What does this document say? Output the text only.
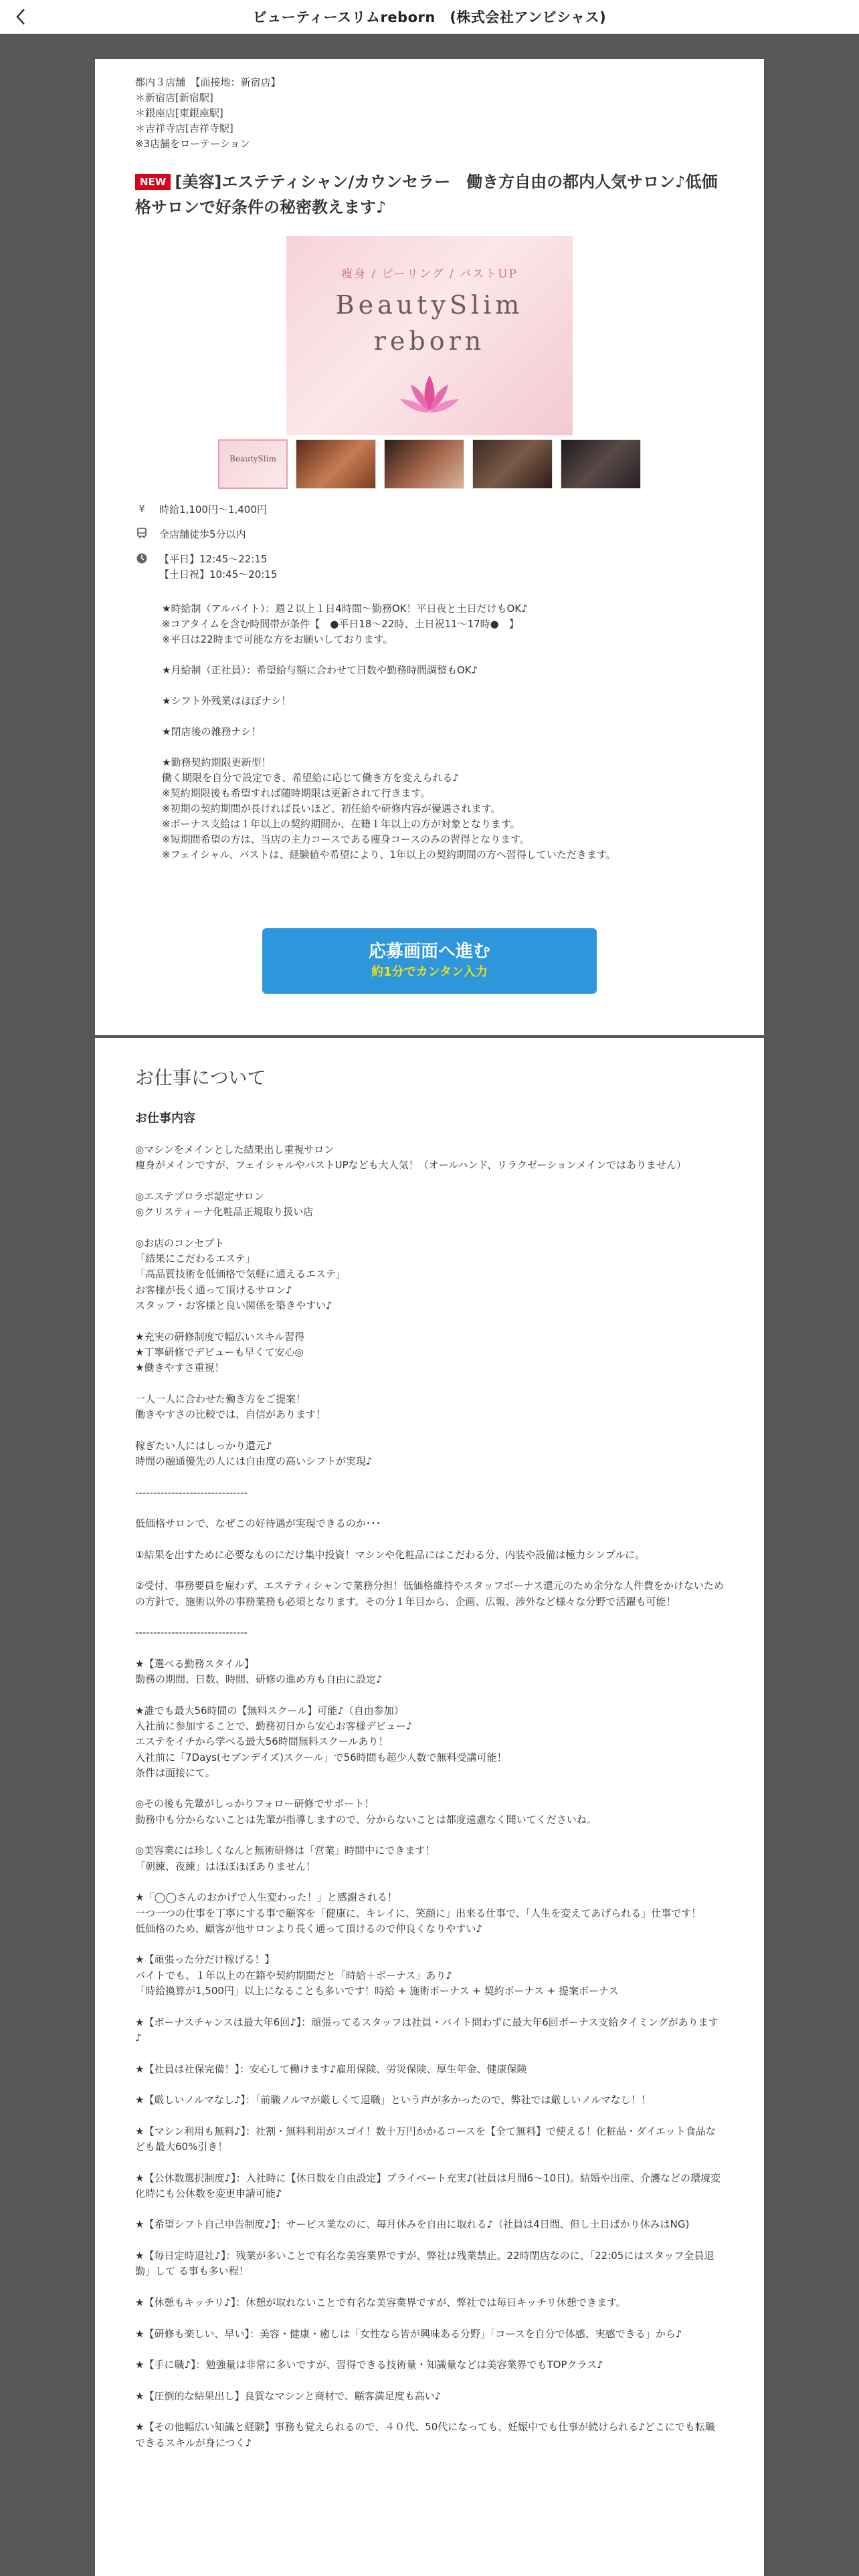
ビューティースリムreborn　(株式会社アンビシャス)
都内３店舗　【面接地：新宿店】
＊新宿店[新宿駅]
＊銀座店[東銀座駅]
＊吉祥寺店[吉祥寺駅]
※3店舗をローテーション
NEW [美容]エステティシャン/カウンセラー　働き方自由の都内人気サロン♪低価格サロンで好条件の秘密教えます♪
痩身 / ピーリング / バストUP
BeautySlim
reborn
BeautySlim
¥	時給1,100円～1,400円
全店舗徒歩5分以内
【平日】12:45～22:15
【土日祝】10:45～20:15
★時給制（アルバイト）：週２以上１日4時間〜勤務OK！平日夜と土日だけもOK♪
※コアタイムを含む時間帯が条件【　●平日18〜22時、土日祝11〜17時●　】
※平日は22時まで可能な方をお願いしております。

★月給制（正社員）：希望給与額に合わせて日数や勤務時間調整もOK♪

★シフト外残業はほぼナシ！

★閉店後の雑務ナシ！

★勤務契約期限更新型！
働く期限を自分で設定でき、希望給に応じて働き方を変えられる♪
※契約期限後も希望すれば随時期限は更新されて行きます。
※初期の契約期間が長ければ長いほど、初任給や研修内容が優遇されます。
※ボーナス支給は１年以上の契約期間か、在籍１年以上の方が対象となります。
※短期間希望の方は、当店の主力コースである痩身コースのみの習得となります。
※フェイシャル、バストは、経験値や希望により、1年以上の契約期間の方へ習得していただきます。
応募画面へ進む
約1分でカンタン入力
お仕事について
お仕事内容
◎マシンをメインとした結果出し重視サロン
痩身がメインですが、フェイシャルやバストUPなども大人気！（オールハンド、リラクゼーションメインではありません）

◎エステプロラボ認定サロン
◎クリスティーナ化粧品正規取り扱い店

◎お店のコンセプト
「結果にこだわるエステ」
「高品質技術を低価格で気軽に通えるエステ」
お客様が長く通って頂けるサロン♪
スタッフ・お客様と良い関係を築きやすい♪

★充実の研修制度で幅広いスキル習得
★丁寧研修でデビューも早くて安心◎
★働きやすさ重視！

一人一人に合わせた働き方をご提案！
働きやすさの比較では、自信があります！

稼ぎたい人にはしっかり還元♪
時間の融通優先の人には自由度の高いシフトが実現♪

-------------------------------

低価格サロンで、なぜこの好待遇が実現できるのか･･･

①結果を出すために必要なものにだけ集中投資！マシンや化粧品にはこだわる分、内装や設備は極力シンプルに。

②受付、事務要員を雇わず、エステティシャンで業務分担！低価格維持やスタッフボーナス還元のため余分な人件費をかけないための方針で、施術以外の事務業務も必須となります。その分１年目から、企画、広報、涉外など様々な分野で活躍も可能！

-------------------------------

★【選べる勤務スタイル】
勤務の期間、日数、時間、研修の進め方も自由に設定♪

★誰でも最大56時間の【無料スクール】可能♪（自由参加）
入社前に参加することで、勤務初日から安心お客様デビュー♪
エステをイチから学べる最大56時間無料スクールあり！
入社前に「7Days(セブンデイズ)スクール」で56時間も超少人数で無料受講可能！
条件は面接にて。

◎その後も先輩がしっかりフォロー研修でサポート！
動務中も分からないことは先輩が指導しますので、分からないことは都度遠慮なく聞いてくださいね。

◎美容業には珍しくなんと無術研修は「営業」時間中にできます！
「朝練、夜練」はほぼほぼありません！

★「◯◯さんのおかげで人生変わった！」と感謝される！
一つ一つの仕事を丁寧にする事で顧客を「健康に、キレイに、笑顔に」出来る仕事で、「人生を変えてあげられる」仕事です！
低価格のため、顧客が他サロンより長く通って頂けるので仲良くなりやすい♪

★【頑張った分だけ稼げる！】
バイトでも、１年以上の在籍や契約期間だと「時給＋ボーナス」あり♪
「時給換算が1,500円」以上になることも多いです！時給 + 施術ボーナス + 契約ボーナス + 提案ボーナス

★【ボーナスチャンスは最大年6回♪】：頑張ってるスタッフは社員・バイト問わずに最大年6回ボーナス支給タイミングがあります♪

★【社員は社保完備！】：安心して働けます♪雇用保険、労災保険、厚生年金、健康保険

★【厳しいノルマなし♪】：「前職ノルマが厳しくて退職」という声が多かったので、弊社では厳しいノルマなし！！

★【マシン利用も無料♪】：社割・無料利用がスゴイ！数十万円かかるコースを【全て無料】で使える！化粧品・ダイエット食品なども最大60%引き！

★【公休数選択制度♪】：入社時に【休日数を自由設定】プライベート充実♪(社員は月間6〜10日)。結婚や出産、介護などの環境変化時にも公休数を変更申請可能♪

★【希望シフト自己申告制度♪】：サービス業なのに、毎月休みを自由に取れる♪（社員は4日間、但し土日ばかり休みはNG)

★【毎日定時退社♪】：残業が多いことで有名な美容業界ですが、弊社は残業禁止。22時閉店なのに、「22:05にはスタッフ全員退勤」して る事も多い程！

★【休憩もキッチリ♪】：休憩が取れないことで有名な美容業界ですが、弊社では毎日キッチリ休憩できます。

★【研修も楽しい、早い】：美容・健康・癒しは「女性なら皆が興味ある分野」「コースを自分で体感、実感できる」から♪

★【手に職♪】：勉強量は非常に多いですが、習得できる技術量・知識量などは美容業界でもTOPクラス♪

★【圧倒的な結果出し】良質なマシンと商材で、顧客満足度も高い♪

★【その他幅広い知識と経験】事務も覚えられるので、４０代、50代になっても、妊娠中でも仕事が続けられる♪どこにでも転職できるスキルが身につく♪
